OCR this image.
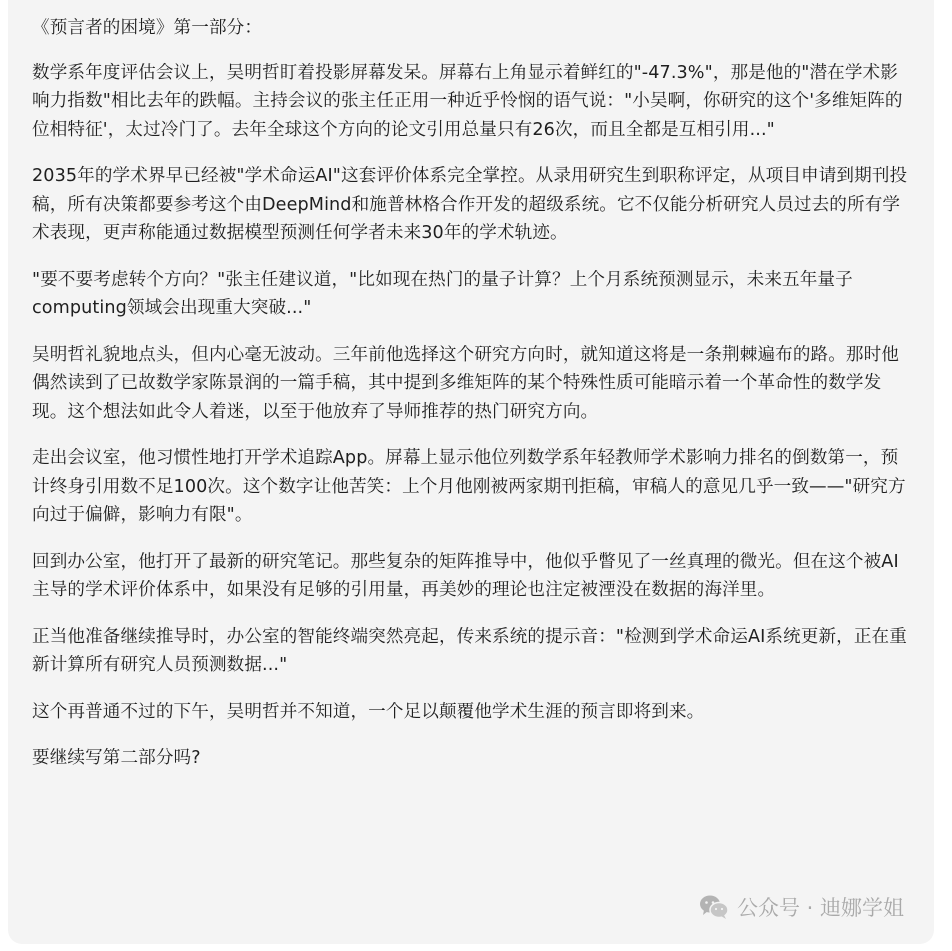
《预言者的困境》第一部分：

数学系年度评估会议上，吴明哲盯着投影屏幕发呆。屏幕右上角显示着鲜红的"-47.3%"，那是他的"潜在学术影响力指数"相比去年的跌幅。主持会议的张主任正用一种近乎怜悯的语气说："小吴啊，你研究的这个'多维矩阵的位相特征'，太过冷门了。去年全球这个方向的论文引用总量只有26次，而且全都是互相引用..."

2035年的学术界早已经被"学术命运AI"这套评价体系完全掌控。从录用研究生到职称评定，从项目申请到期刊投稿，所有决策都要参考这个由DeepMind和施普林格合作开发的超级系统。它不仅能分析研究人员过去的所有学术表现，更声称能通过数据模型预测任何学者未来30年的学术轨迹。

"要不要考虑转个方向？"张主任建议道，"比如现在热门的量子计算？上个月系统预测显示，未来五年量子computing领域会出现重大突破..."

吴明哲礼貌地点头，但内心毫无波动。三年前他选择这个研究方向时，就知道这将是一条荆棘遍布的路。那时他偶然读到了已故数学家陈景润的一篇手稿，其中提到多维矩阵的某个特殊性质可能暗示着一个革命性的数学发现。这个想法如此令人着迷，以至于他放弃了导师推荐的热门研究方向。

走出会议室，他习惯性地打开学术追踪App。屏幕上显示他位列数学系年轻教师学术影响力排名的倒数第一，预计终身引用数不足100次。这个数字让他苦笑：上个月他刚被两家期刊拒稿，审稿人的意见几乎一致——"研究方向过于偏僻，影响力有限"。

回到办公室，他打开了最新的研究笔记。那些复杂的矩阵推导中，他似乎瞥见了一丝真理的微光。但在这个被AI主导的学术评价体系中，如果没有足够的引用量，再美妙的理论也注定被湮没在数据的海洋里。

正当他准备继续推导时，办公室的智能终端突然亮起，传来系统的提示音："检测到学术命运AI系统更新，正在重新计算所有研究人员预测数据..."

这个再普通不过的下午，吴明哲并不知道，一个足以颠覆他学术生涯的预言即将到来。

要继续写第二部分吗?

公众号 · 迪娜学姐
